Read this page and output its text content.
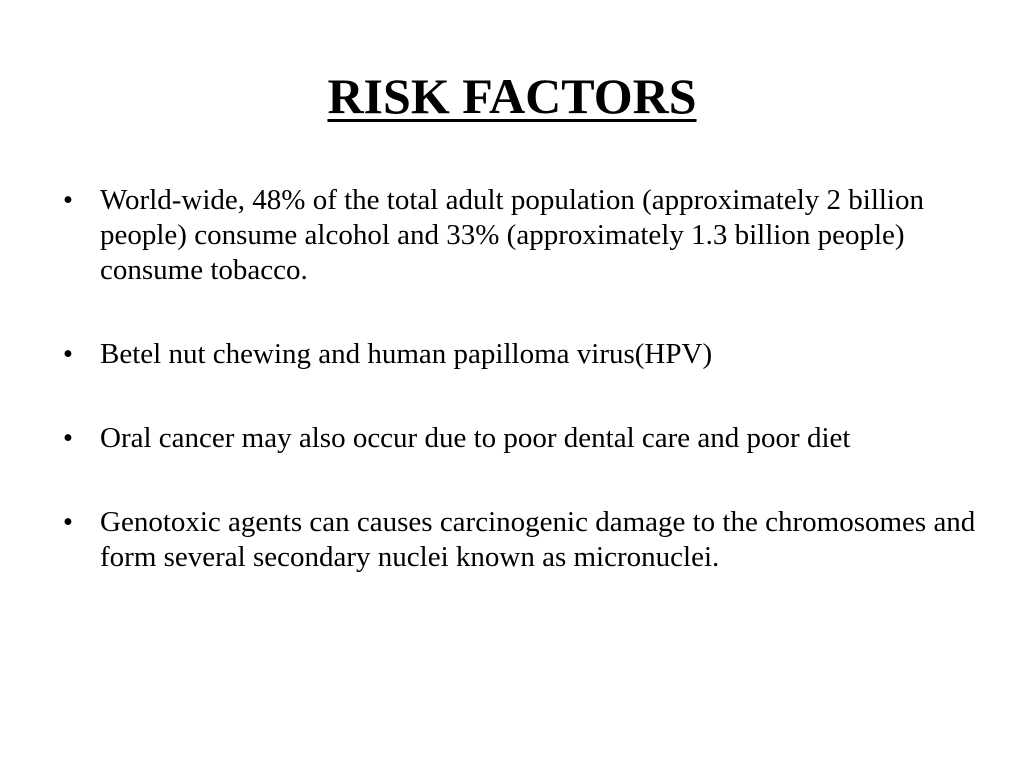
RISK FACTORS
• World-wide, 48% of the total adult population (approximately 2 billion people) consume alcohol and 33% (approximately 1.3 billion people) consume tobacco.
• Betel nut chewing and human papilloma virus(HPV)
• Oral cancer may also occur due to poor dental care and poor diet
• Genotoxic agents can causes carcinogenic damage to the chromosomes and form several secondary nuclei known as micronuclei.
